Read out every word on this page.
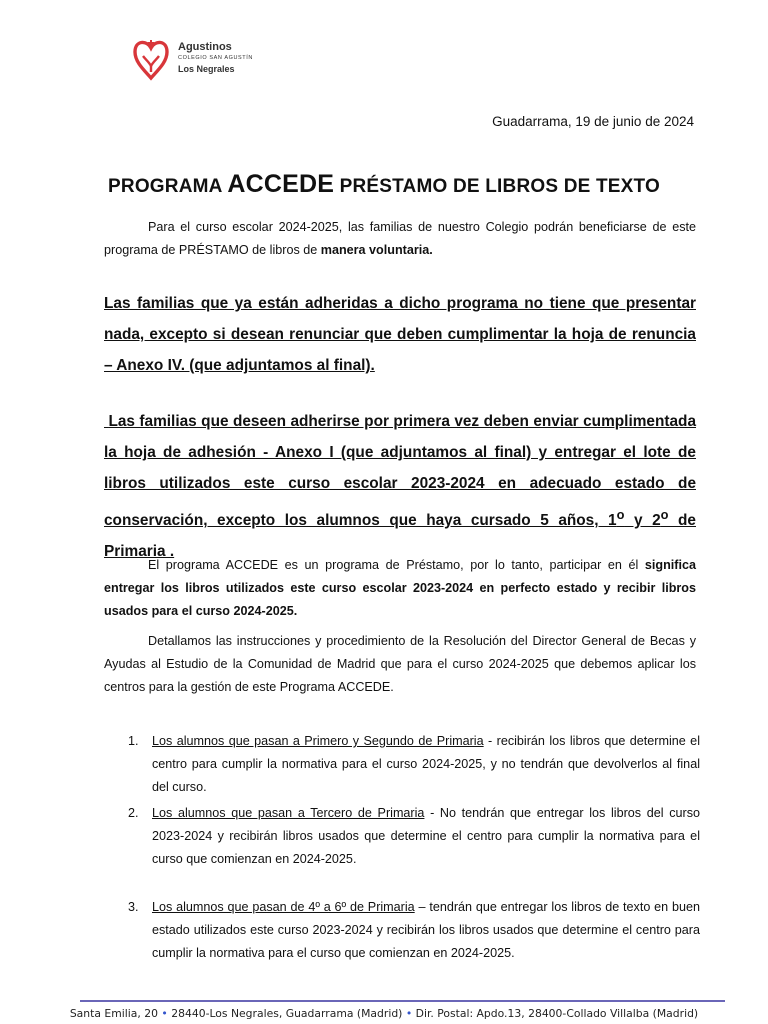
Agustinos
COLEGIO SAN AGUSTÍN
Los Negrales
Guadarrama, 19 de junio de 2024
PROGRAMA ACCEDE PRÉSTAMO DE LIBROS DE TEXTO
Para el curso escolar 2024-2025, las familias de nuestro Colegio podrán beneficiarse de este programa de PRÉSTAMO de libros de manera voluntaria.
Las familias que ya están adheridas a dicho programa no tiene que presentar nada, excepto si desean renunciar que deben cumplimentar la hoja de renuncia – Anexo IV. (que adjuntamos al final).
Las familias que deseen adherirse por primera vez deben enviar cumplimentada la hoja de adhesión - Anexo I (que adjuntamos al final) y entregar el lote de libros utilizados este curso escolar 2023-2024 en adecuado estado de conservación, excepto los alumnos que haya cursado 5 años, 1$^o$ y 2$^o$ de Primaria .
El programa ACCEDE es un programa de Préstamo, por lo tanto, participar en él significa entregar los libros utilizados este curso escolar 2023-2024 en perfecto estado y recibir libros usados para el curso 2024-2025.
Detallamos las instrucciones y procedimiento de la Resolución del Director General de Becas y Ayudas al Estudio de la Comunidad de Madrid que para el curso 2024-2025 que debemos aplicar los centros para la gestión de este Programa ACCEDE.
1. Los alumnos que pasan a Primero y Segundo de Primaria - recibirán los libros que determine el centro para cumplir la normativa para el curso 2024-2025, y no tendrán que devolverlos al final del curso.
2. Los alumnos que pasan a Tercero de Primaria - No tendrán que entregar los libros del curso 2023-2024 y recibirán libros usados que determine el centro para cumplir la normativa para el curso que comienzan en 2024-2025.
3. Los alumnos que pasan de 4º a 6º de Primaria – tendrán que entregar los libros de texto en buen estado utilizados este curso 2023-2024 y recibirán los libros usados que determine el centro para cumplir la normativa para el curso que comienzan en 2024-2025.
Santa Emilia, 20 • 28440-Los Negrales, Guadarrama (Madrid) • Dir. Postal: Apdo.13, 28400-Collado Villalba (Madrid)
